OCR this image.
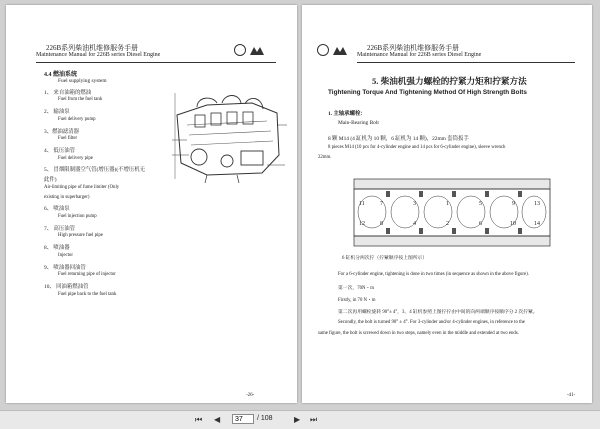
226B系列柴油机维修服务手册
Maintenance Manual for 226B series Diesel Engine
4.4 燃油系统
Fuel supplying system
1、 来自油箱的燃油
Fuel from the fuel tank
2、 输油泵
Fuel delivery pump
3、燃油滤清器
Fuel filter
4、 低压油管
Fuel delivery pipe
5、 冒烟限制器空气管(增压器)(不增压机无
此件)
Air-limiting pipe of fume limiter (Only
existing in superbarger)
6、 喷油泵
Fuel injection pump
7、 高压油管
High pressure fuel pipe
8、 喷油器
Injector
9、 喷油器回油管
Fuel returning pipe of injector
10、 回油箱燃油管
Fuel pipe back to the fuel tank
-26-
226B系列柴油机维修服务手册
Maintenance Manual for 226B series Diesel Engine
5. 柴油机强力螺栓的拧紧力矩和拧紧方法
Tightening Torque And Tightening Method Of High Strength Bolts
1. 主轴承螺栓：
Main-Bearing Bolt
8 颗 M14 (4 缸机为 10 颗，6 缸机为 14 颗)，22mm 套筒扳手
8 pieces M14 (10 pcs for 4-cylinder engine and 14 pcs for 6-cylinder engine), sleeve wrench
22mm.
11
12
7	3	1	5	9
8	4	2	6	10
13
14
6 缸机分两次拧（拧紧顺序按上图所示）
For a 6-cylinder engine, tightening is done in two times (in sequence as shown in the above figure).
第一次，70N・m
Firstly, in 70 N・m
第二次再用螺栓旋转 90°± 4°，3、4 缸机参照上图拧拧由中间的向两端顺序按顺序分 2 次拧紧。
Secondly, the bolt is turned 90° ± 4°. For 3-cylinder and/or 4-cylinder engines, in reference to the
same figure, the bolt is screwed down in two steps, namely even in the middle and extended at two ends.
-41-
⏮ ◀
37	/ 108	▶ ⏭
